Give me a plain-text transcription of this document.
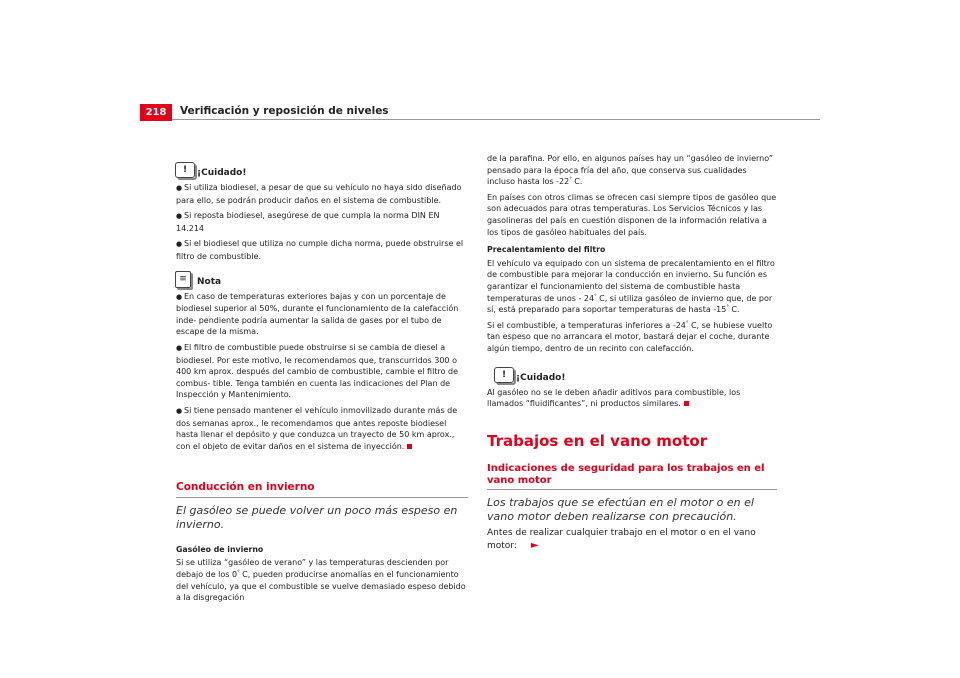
218	Verificación y reposición de niveles
!	¡Cuidado!
● Si utiliza biodiesel, a pesar de que su vehículo no haya sido diseñado para ello, se podrán producir daños en el sistema de combustible.
● Si reposta biodiesel, asegúrese de que cumpla la norma DIN EN 14.214
● Si el biodiesel que utiliza no cumple dicha norma, puede obstruirse el filtro de combustible.
≡	Nota
● En caso de temperaturas exteriores bajas y con un porcentaje de biodiesel superior al 50%, durante el funcionamiento de la calefacción inde- pendiente podría aumentar la salida de gases por el tubo de escape de la misma.
● El filtro de combustible puede obstruirse si se cambia de diesel a biodiesel. Por este motivo, le recomendamos que, transcurridos 300 o 400 km aprox. después del cambio de combustible, cambie el filtro de combus- tible. Tenga también en cuenta las indicaciones del Plan de Inspección y Mantenimiento.
● Si tiene pensado mantener el vehículo inmovilizado durante más de dos semanas aprox., le recomendamos que antes reposte biodiesel hasta llenar el depósito y que conduzca un trayecto de 50 km aprox., con el objeto de evitar daños en el sistema de inyección.
Conducción en invierno
El gasóleo se puede volver un poco más espeso en invierno.
Gasóleo de invierno

Si se utiliza “gasóleo de verano” y las temperaturas descienden por debajo de los 0° C, pueden producirse anomalías en el funcionamiento del vehículo, ya que el combustible se vuelve demasiado espeso debido a la disgregación

de la parafina. Por ello, en algunos países hay un “gasóleo de invierno” pensado para la época fría del año, que conserva sus cualidades incluso hasta los -22° C.

En países con otros climas se ofrecen casi siempre tipos de gasóleo que son adecuados para otras temperaturas. Los Servicios Técnicos y las gasolineras del país en cuestión disponen de la información relativa a los tipos de gasóleo habituales del país.

Precalentamiento del filtro

El vehículo va equipado con un sistema de precalentamiento en el filtro de combustible para mejorar la conducción en invierno. Su función es garantizar el funcionamiento del sistema de combustible hasta temperaturas de unos - 24° C, si utiliza gasóleo de invierno que, de por sí, está preparado para soportar temperaturas de hasta -15° C.

Si el combustible, a temperaturas inferiores a -24° C, se hubiese vuelto tan espeso que no arrancara el motor, bastará dejar el coche, durante algún tiempo, dentro de un recinto con calefacción.

!	¡Cuidado!

Al gasóleo no se le deben añadir aditivos para combustible, los llamados “fluidificantes”, ni productos similares.

Trabajos en el vano motor
Indicaciones de seguridad para los trabajos en el vano motor
Los trabajos que se efectúan en el motor o en el vano motor deben realizarse con precaución.
Antes de realizar cualquier trabajo en el motor o en el vano motor: ►
